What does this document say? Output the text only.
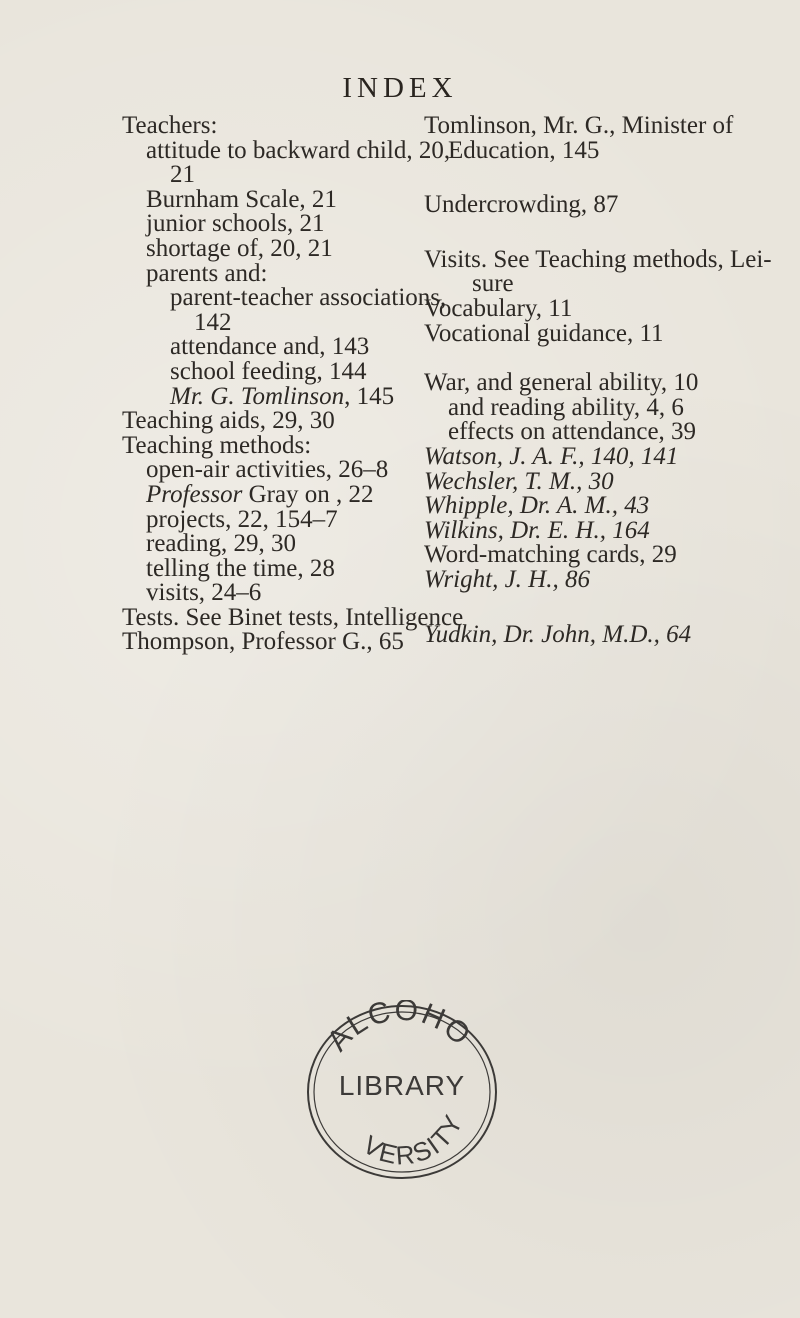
INDEX
Teachers:
attitude to backward child, 20,
21
Burnham Scale, 21
junior schools, 21
shortage of, 20, 21
parents and:
parent-teacher associations,
142
attendance and, 143
school feeding, 144
Mr. G. Tomlinson, 145
Teaching aids, 29, 30
Teaching methods:
open-air activities, 26–8
Professor Gray on , 22
projects, 22, 154–7
reading, 29, 30
telling the time, 28
visits, 24–6
Tests. See Binet tests, Intelligence
Thompson, Professor G., 65
Tomlinson, Mr. G., Minister of
Education, 145
Undercrowding, 87
Visits. See Teaching methods, Lei-
sure
Vocabulary, 11
Vocational guidance, 11
War, and general ability, 10
and reading ability, 4, 6
effects on attendance, 39
Watson, J. A. F., 140, 141
Wechsler, T. M., 30
Whipple, Dr. A. M., 43
Wilkins, Dr. E. H., 164
Word-matching cards, 29
Wright, J. H., 86
Yudkin, Dr. John, M.D., 64
ALCOHO
VERSITY
LIBRARY
